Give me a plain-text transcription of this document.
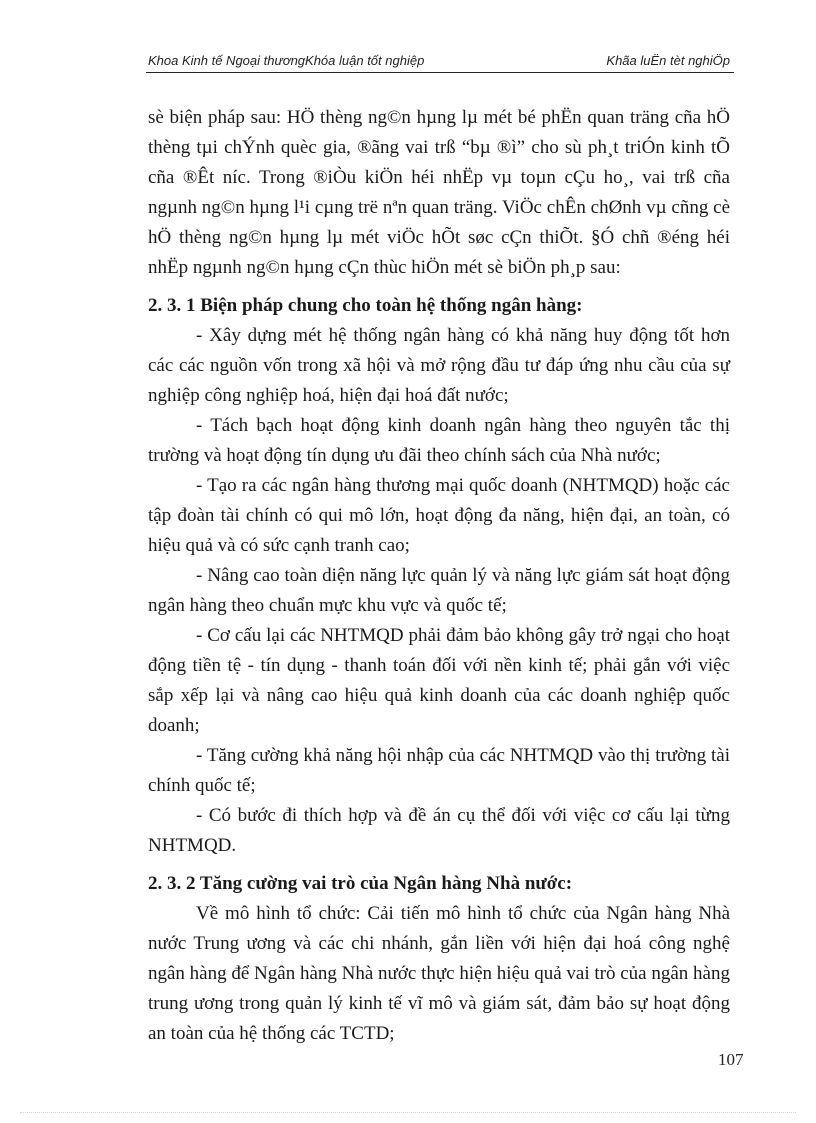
Khoa Kinh tế Ngoại thươngKhóa luận tốt nghiệp	Khãa luËn tèt nghiÖp

sè biện pháp sau: HÖ thèng ng©n hµng lµ mét bé phËn quan träng cña hÖ thèng tµi chÝnh quèc gia, ®ãng vai trß “bµ ®ì” cho sù ph¸t triÓn kinh tÕ cña ®Êt níc. Trong ®iÒu kiÖn héi nhËp vµ toµn cÇu ho¸, vai trß cña ngµnh ng©n hµng l¹i cµng trë nªn quan träng. ViÖc chÊn chØnh vµ cñng cè hÖ thèng ng©n hµng lµ mét viÖc hÕt søc cÇn thiÕt. §Ó chñ ®éng héi nhËp ngµnh ng©n hµng cÇn thùc hiÖn mét sè biÖn ph¸p sau:

2. 3. 1 Biện pháp chung cho toàn hệ thống ngân hàng:

- Xây dựng mét hệ thống ngân hàng có khả năng huy động tốt hơn các các nguồn vốn trong xã hội và mở rộng đầu tư đáp ứng nhu cầu của sự nghiệp công nghiệp hoá, hiện đại hoá đất nước;

- Tách bạch hoạt động kinh doanh ngân hàng theo nguyên tắc thị trường và hoạt động tín dụng ưu đãi theo chính sách của Nhà nước;

- Tạo ra các ngân hàng thương mại quốc doanh (NHTMQD) hoặc các tập đoàn tài chính có qui mô lớn, hoạt động đa năng, hiện đại, an toàn, có hiệu quả và có sức cạnh tranh cao;

- Nâng cao toàn diện năng lực quản lý và năng lực giám sát hoạt động ngân hàng theo chuẩn mực khu vực và quốc tế;

- Cơ cấu lại các NHTMQD phải đảm bảo không gây trở ngại cho hoạt động tiền tệ - tín dụng - thanh toán đối với nền kinh tế; phải gắn với việc sắp xếp lại và nâng cao hiệu quả kinh doanh của các doanh nghiệp quốc doanh;

- Tăng cường khả năng hội nhập của các NHTMQD vào thị trường tài chính quốc tế;

- Có bước đi thích hợp và đề án cụ thể đối với việc cơ cấu lại từng NHTMQD.

2. 3. 2 Tăng cường vai trò của Ngân hàng Nhà nước:

Về mô hình tổ chức: Cải tiến mô hình tổ chức của Ngân hàng Nhà nước Trung ương và các chi nhánh, gắn liền với hiện đại hoá công nghệ ngân hàng để Ngân hàng Nhà nước thực hiện hiệu quả vai trò của ngân hàng trung ương trong quản lý kinh tế vĩ mô và giám sát, đảm bảo sự hoạt động an toàn của hệ thống các TCTD;

107
